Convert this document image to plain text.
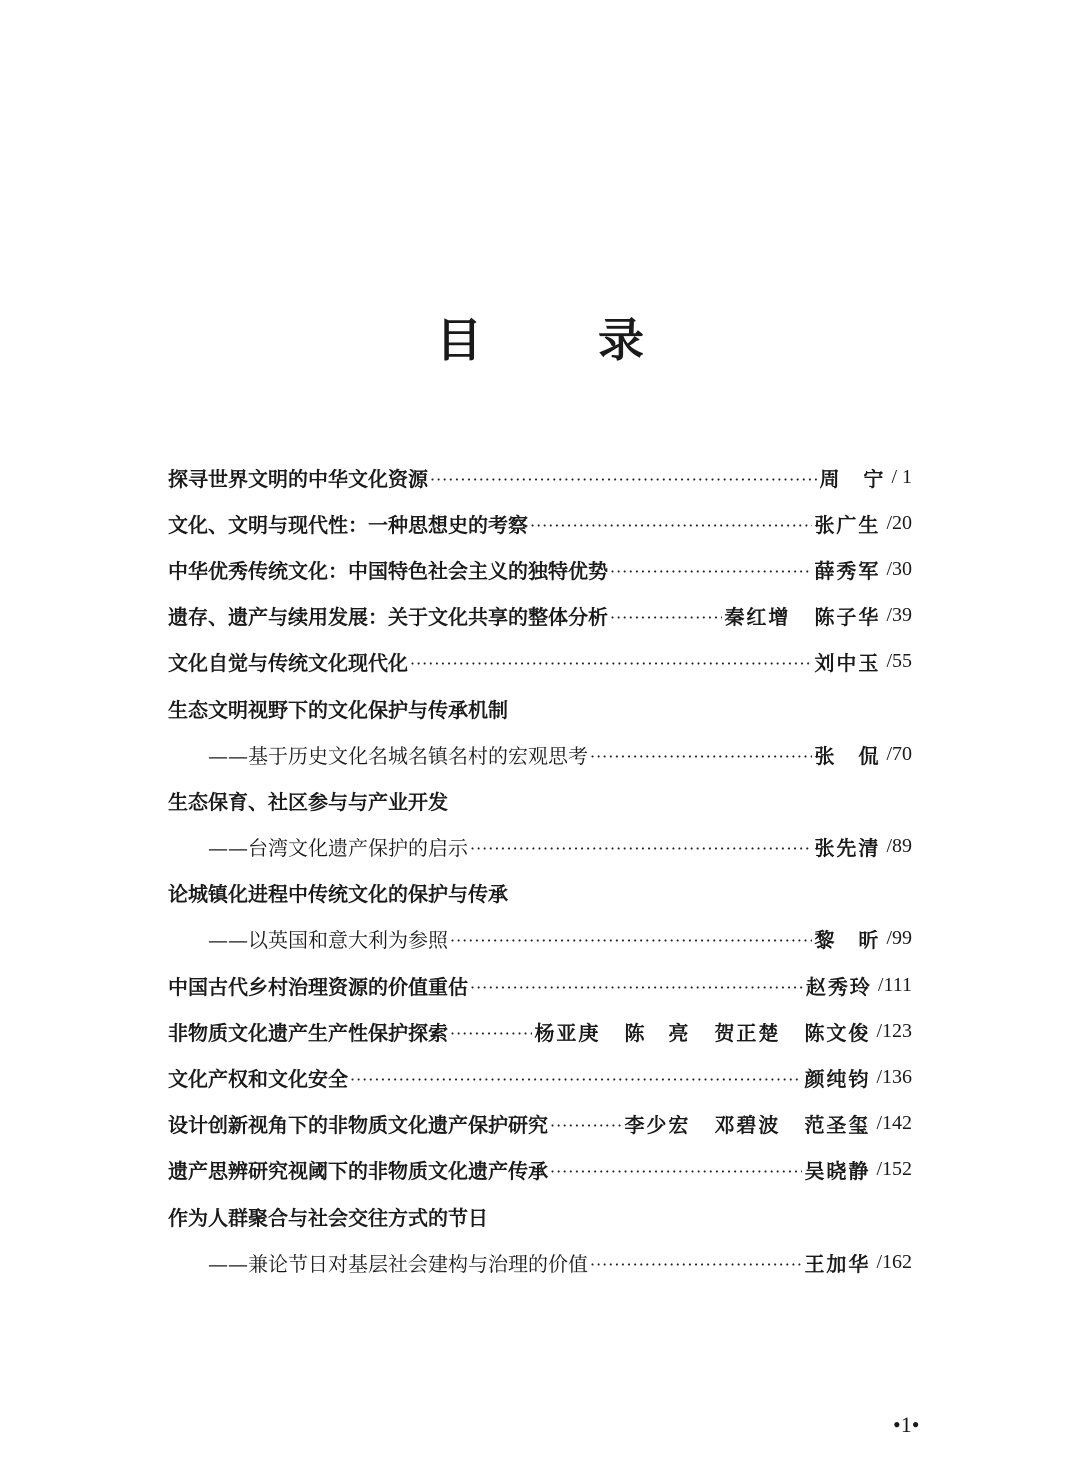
目 录
探寻世界文明的中华文化资源 ·····	周　宁 / 1
文化、文明与现代性：一种思想史的考察 ·····	张广生 /20
中华优秀传统文化：中国特色社会主义的独特优势 ·····	薛秀军 /30
遗存、遗产与续用发展：关于文化共享的整体分析 ·····	秦红增 陈子华 /39
文化自觉与传统文化现代化 ·····	刘中玉 /55
生态文明视野下的文化保护与传承机制
——基于历史文化名城名镇名村的宏观思考 ·····	张　侃 /70
生态保育、社区参与与产业开发
——台湾文化遗产保护的启示 ·····	张先清 /89
论城镇化进程中传统文化的保护与传承
——以英国和意大利为参照 ·····	黎　昕 /99
中国古代乡村治理资源的价值重估 ·····	赵秀玲 /111
非物质文化遗产生产性保护探索 ·····	杨亚庚 陈　亮 贺正楚 陈文俊 /123
文化产权和文化安全 ·····	颜纯钧 /136
设计创新视角下的非物质文化遗产保护研究 ·····	李少宏 邓碧波 范圣玺 /142
遗产思辨研究视阈下的非物质文化遗产传承 ·····	吴晓静 /152
作为人群聚合与社会交往方式的节日
——兼论节日对基层社会建构与治理的价值 ·····	王加华 /162
•1•
